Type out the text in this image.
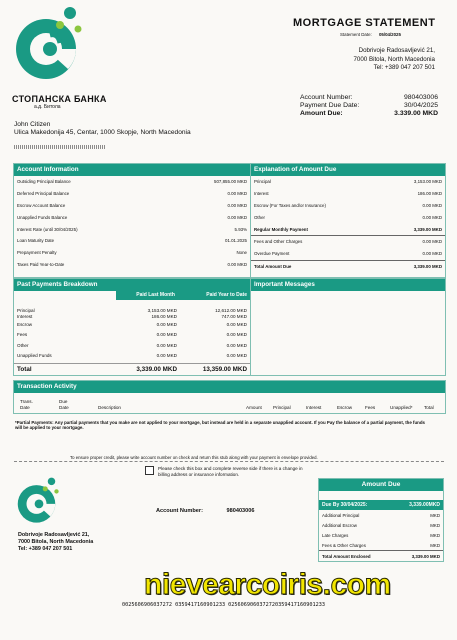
СТОПАНСКА БАНКА
а.д. Битола
MORTGAGE STATEMENT
Statement Date: 05/04/2025
Dobrivoje Radosavljević 21,
7000 Bitola, North Macedonia
Tel: +389 047 207 501
Account Number:	980403006
Payment Due Date:	30/04/2025
Amount Due:	3.339.00 MKD
John Citizen
Ulica Makedonija 45, Centar, 1000 Skopje, North Macedonia
Account Information
Outsiding Principal Balance	507,855.00 MKD
Deferred Principal Balance	0.00 MKD
Escrow Account Balance	0.00 MKD
Unapplied Funds Balance	0.00 MKD
Interest Rate (until 30/04/2025)	5.93%
Loan Maturity Date	01.01.2025
Prepayment Penalty	None
Taxes Paid Year-to-Date	0.00 MKD
Explanation of Amount Due
Principal	3,153.00 MKD
Interest	186.00 MKD
Escrow (For Taxes and/or Insurance)	0.00 MKD
Other	0.00 MKD
Regular Monthly Payment	3,339.00 MKD
Fees and Other Charges	0.00 MKD
Overdue Payment	0.00 MKD
Total Amount Due	3,339.00 MKD
Past Payments Breakdown
Paid Last Month	Paid Year to Date
Principal	3,153.00 MKD	12,612.00 MKD
Interest	186.00 MKD	747.00 MKD
Escrow	0.00 MKD	0.00 MKD
Fees	0.00 MKD	0.00 MKD
Other	0.00 MKD	0.00 MKD
Unapplied Funds	0.00 MKD	0.00 MKD
Total	3,339.00 MKD	13,359.00 MKD
Important Messages
Transaction Activity
Trans.
Date
Due
Date	Description	Amount Principal	Interest	Escrow	Fees	Unapplied*	Total
*Partial Payments: Any partial payments that you make are not applied to your mortgage, but instead are held in a separate unapplied account. If you Pay the balance of a partial payment, the funds will be applied to your mortgage.
To ensure proper credit, please write account number on check and return this stub along with your payment in envelope provided.
Dobrivoje Radosavljević 21,
7000 Bitola, North Macedonia
Tel: +389 047 207 501
Please check this box and complete reverse side if there is a change in billing address or insurance information.
Account Number:	980403006
Amount Due
Due By 30/04/2025:	3,339.00MKD
Additional Principal	MKD
Additional Escrow	MKD
Late Charges	MKD
Fees & Other Charges	MKD
Total Amount Enclosed	3,339.00 MKD
nievearcoiris.com
0025606906037272 0359417160901233 0256069060372720359417160901233
